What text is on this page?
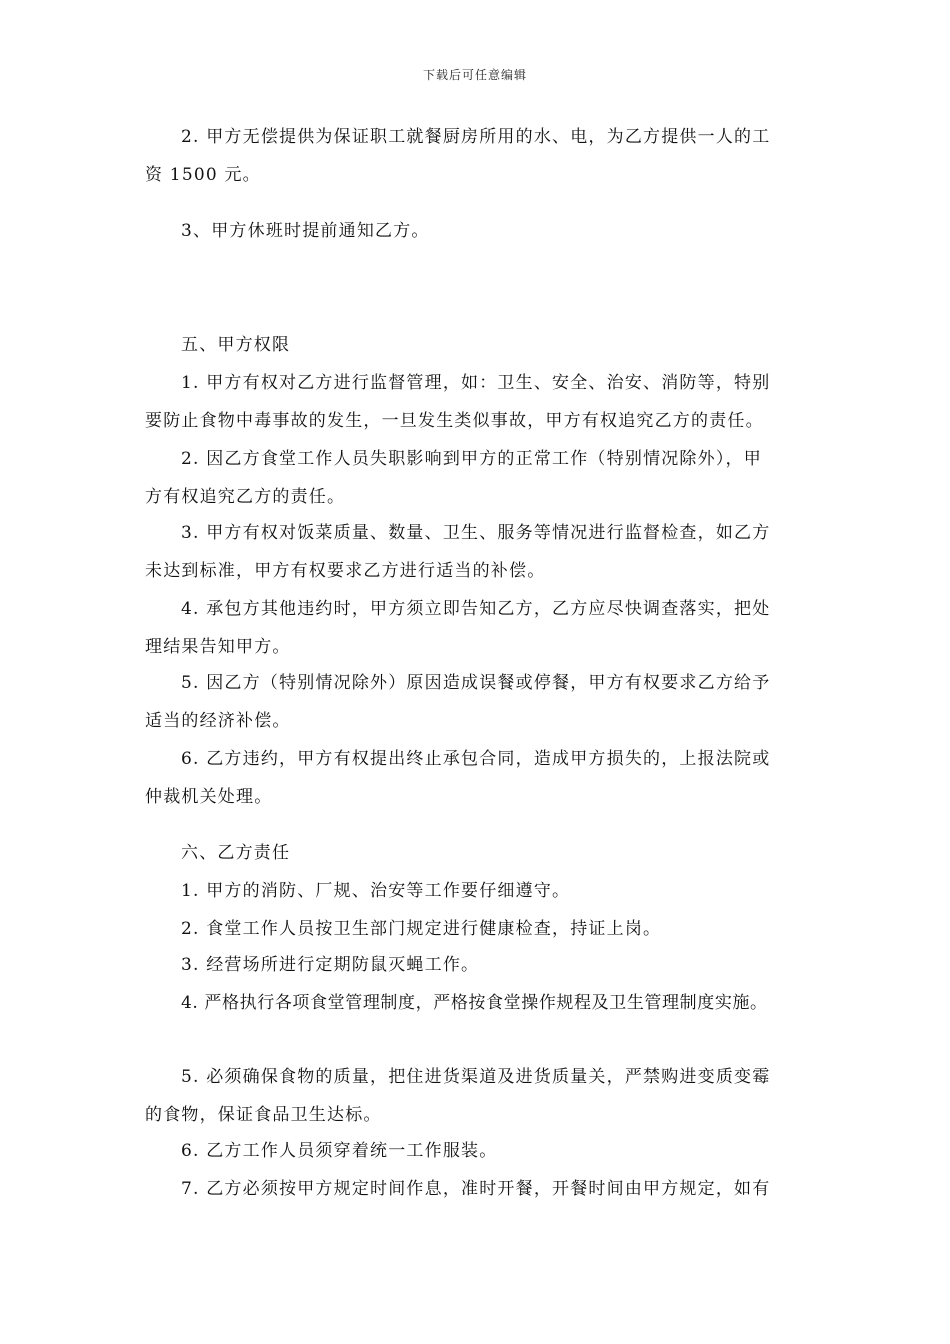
下载后可任意编辑

2. 甲方无偿提供为保证职工就餐厨房所用的水、电，为乙方提供一人的工

资 1500 元。

3、甲方休班时提前通知乙方。

五、甲方权限

1. 甲方有权对乙方进行监督管理，如：卫生、安全、治安、消防等，特别

要防止食物中毒事故的发生，一旦发生类似事故，甲方有权追究乙方的责任。

2. 因乙方食堂工作人员失职影响到甲方的正常工作（特别情况除外），甲

方有权追究乙方的责任。

3. 甲方有权对饭菜质量、数量、卫生、服务等情况进行监督检查，如乙方

未达到标准，甲方有权要求乙方进行适当的补偿。

4. 承包方其他违约时，甲方须立即告知乙方，乙方应尽快调查落实，把处

理结果告知甲方。

5. 因乙方（特别情况除外）原因造成误餐或停餐，甲方有权要求乙方给予

适当的经济补偿。

6. 乙方违约，甲方有权提出终止承包合同，造成甲方损失的，上报法院或

仲裁机关处理。

六、乙方责任

1. 甲方的消防、厂规、治安等工作要仔细遵守。

2. 食堂工作人员按卫生部门规定进行健康检查，持证上岗。

3. 经营场所进行定期防鼠灭蝇工作。

4. 严格执行各项食堂管理制度，严格按食堂操作规程及卫生管理制度实施。

5. 必须确保食物的质量，把住进货渠道及进货质量关，严禁购进变质变霉

的食物，保证食品卫生达标。

6. 乙方工作人员须穿着统一工作服装。

7. 乙方必须按甲方规定时间作息，准时开餐，开餐时间由甲方规定，如有
